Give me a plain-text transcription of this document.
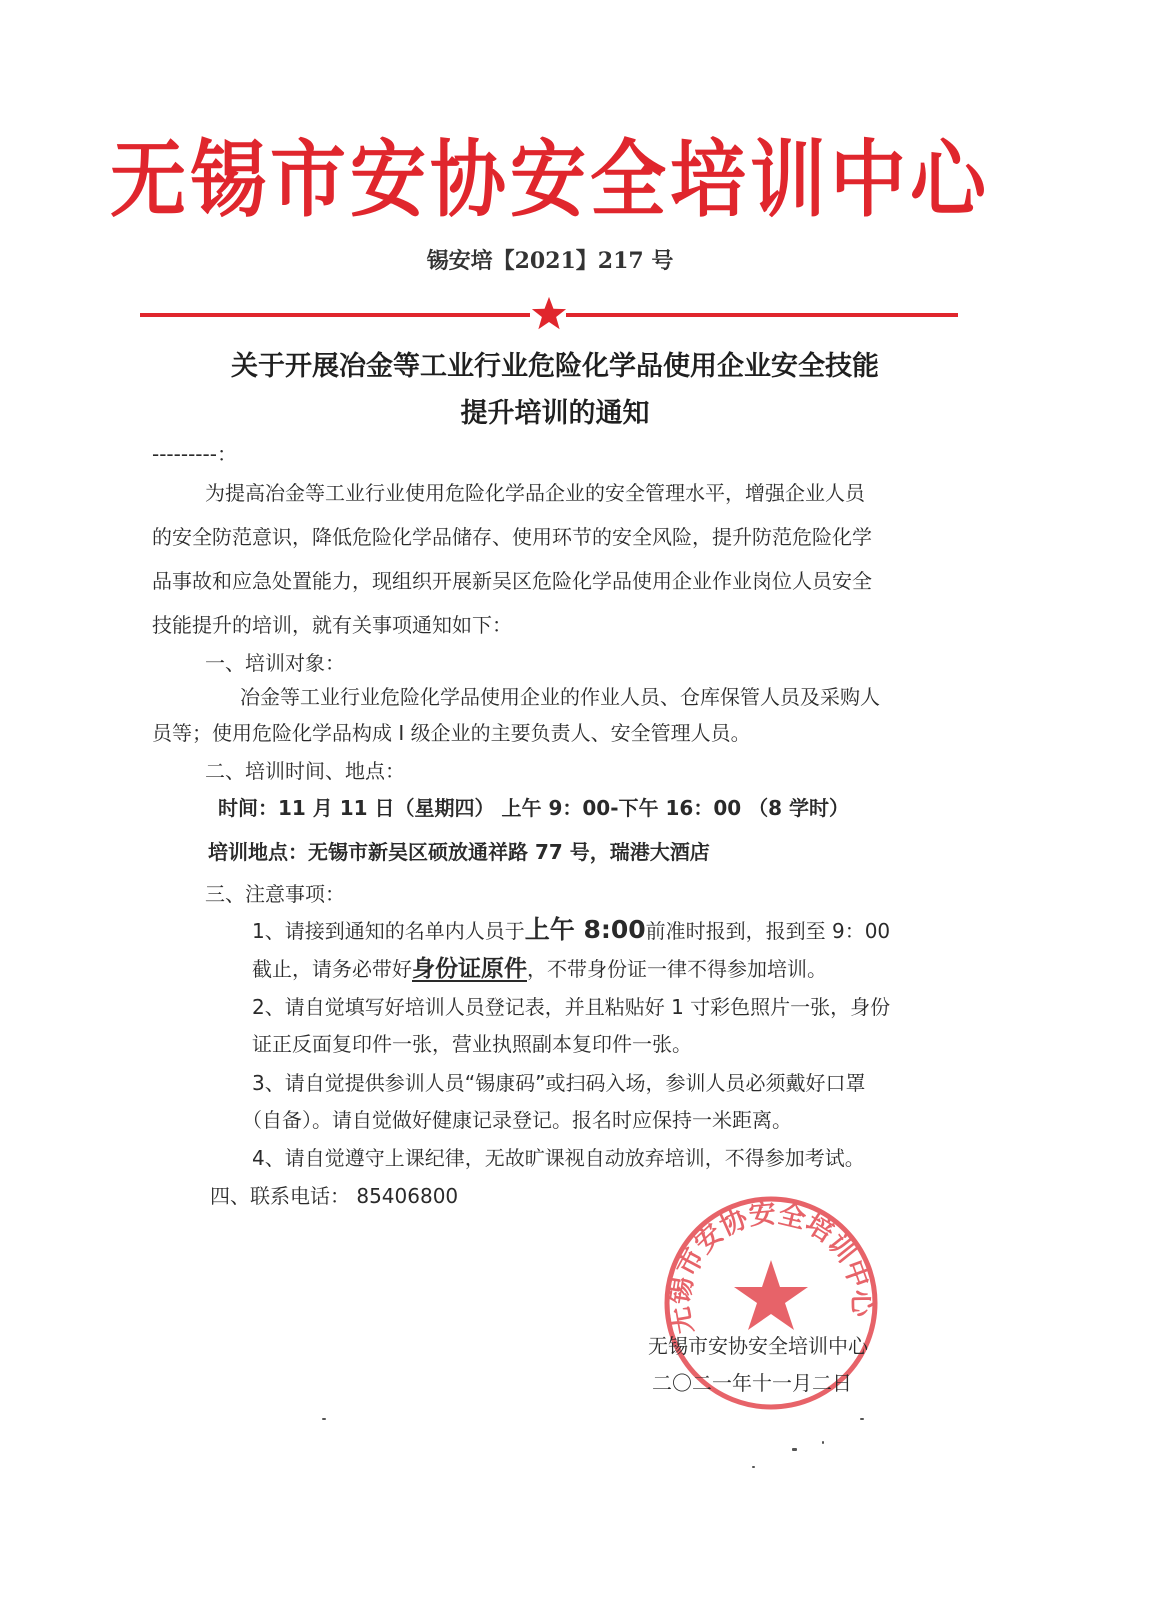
无锡市安协安全培训中心
锡安培【2021】217 号
关于开展冶金等工业行业危险化学品使用企业安全技能
提升培训的通知
---------：
为提高冶金等工业行业使用危险化学品企业的安全管理水平，增强企业人员
的安全防范意识，降低危险化学品储存、使用环节的安全风险，提升防范危险化学
品事故和应急处置能力，现组织开展新吴区危险化学品使用企业作业岗位人员安全
技能提升的培训，就有关事项通知如下：
一、培训对象：
冶金等工业行业危险化学品使用企业的作业人员、仓库保管人员及采购人
员等；使用危险化学品构成 I 级企业的主要负责人、安全管理人员。
二、培训时间、地点：
时间：11 月 11 日（星期四） 上午 9：00-下午 16：00 （8 学时）
培训地点：无锡市新吴区硕放通祥路 77 号，瑞港大酒店
三、注意事项：
1、请接到通知的名单内人员于上午 8:00前准时报到，报到至 9：00
截止，请务必带好身份证原件，不带身份证一律不得参加培训。
2、请自觉填写好培训人员登记表，并且粘贴好 1 寸彩色照片一张，身份
证正反面复印件一张，营业执照副本复印件一张。
3、请自觉提供参训人员“锡康码”或扫码入场，参训人员必须戴好口罩
（自备）。请自觉做好健康记录登记。报名时应保持一米距离。
4、请自觉遵守上课纪律，无故旷课视自动放弃培训，不得参加考试。
四、联系电话： 85406800
无锡市安协安全培训中心
无锡市安协安全培训中心
二〇二一年十一月二日
